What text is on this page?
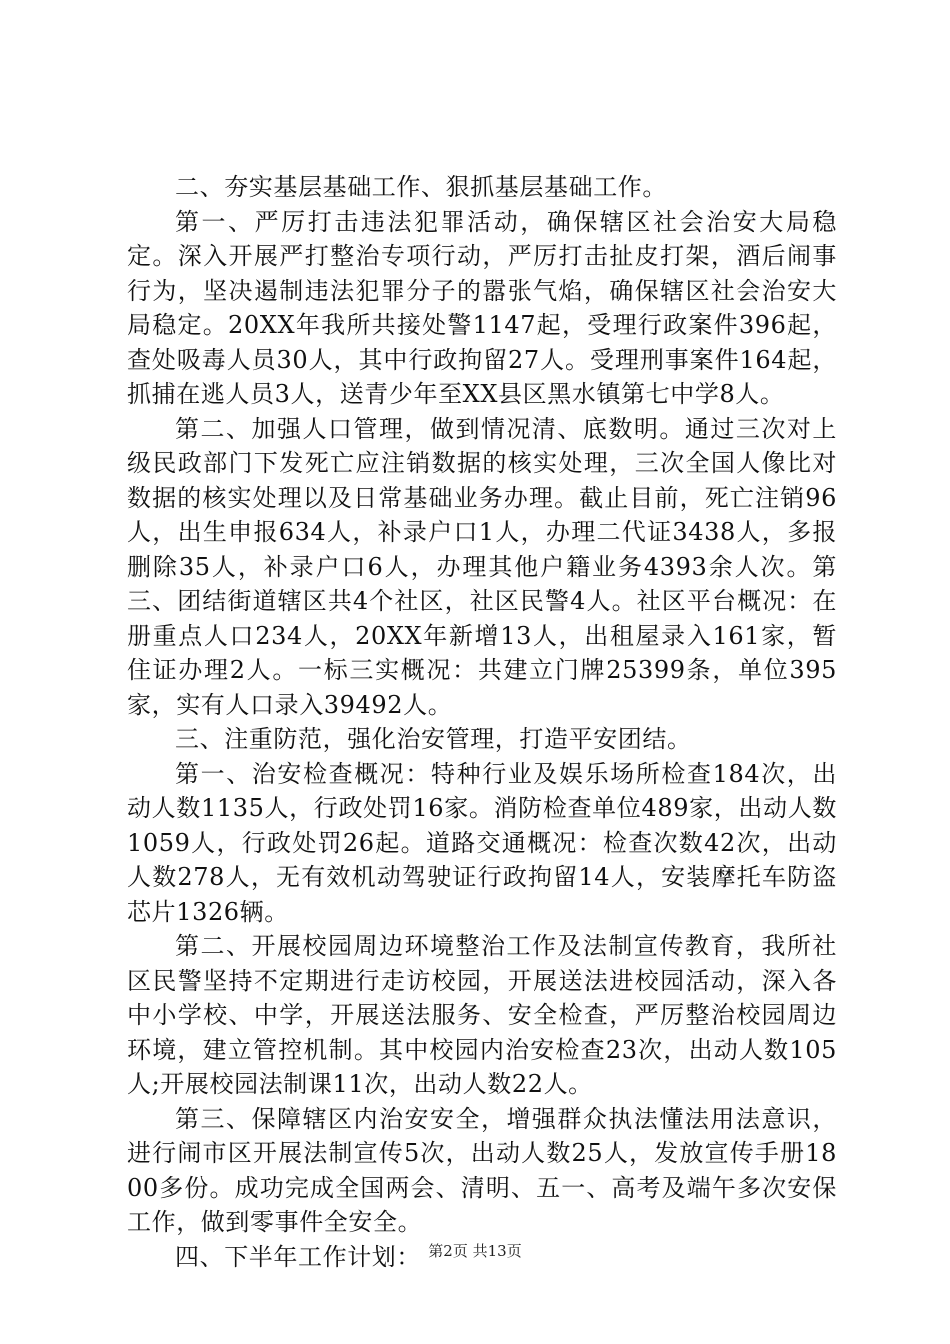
二、夯实基层基础工作、狠抓基层基础工作。

第一、严厉打击违法犯罪活动，确保辖区社会治安大局稳定。深入开展严打整治专项行动，严厉打击扯皮打架，酒后闹事行为，坚决遏制违法犯罪分子的嚣张气焰，确保辖区社会治安大局稳定。20XX年我所共接处警1147起，受理行政案件396起，查处吸毒人员30人，其中行政拘留27人。受理刑事案件164起，抓捕在逃人员3人，送青少年至XX县区黑水镇第七中学8人。

第二、加强人口管理，做到情况清、底数明。通过三次对上级民政部门下发死亡应注销数据的核实处理，三次全国人像比对数据的核实处理以及日常基础业务办理。截止目前，死亡注销96人，出生申报634人，补录户口1人，办理二代证3438人，多报删除35人，补录户口6人，办理其他户籍业务4393余人次。第三、团结街道辖区共4个社区，社区民警4人。社区平台概况：在册重点人口234人，20XX年新增13人，出租屋录入161家，暂住证办理2人。一标三实概况：共建立门牌25399条，单位395家，实有人口录入39492人。

三、注重防范，强化治安管理，打造平安团结。

第一、治安检查概况：特种行业及娱乐场所检查184次，出动人数1135人，行政处罚16家。消防检查单位489家，出动人数1059人，行政处罚26起。道路交通概况：检查次数42次，出动人数278人，无有效机动驾驶证行政拘留14人，安装摩托车防盗芯片1326辆。

第二、开展校园周边环境整治工作及法制宣传教育，我所社区民警坚持不定期进行走访校园，开展送法进校园活动，深入各中小学校、中学，开展送法服务、安全检查，严厉整治校园周边环境，建立管控机制。其中校园内治安检查23次，出动人数105人;开展校园法制课11次，出动人数22人。

第三、保障辖区内治安安全，增强群众执法懂法用法意识，进行闹市区开展法制宣传5次，出动人数25人，发放宣传手册1800多份。成功完成全国两会、清明、五一、高考及端午多次安保工作，做到零事件全安全。

四、下半年工作计划： 第2页 共13页
